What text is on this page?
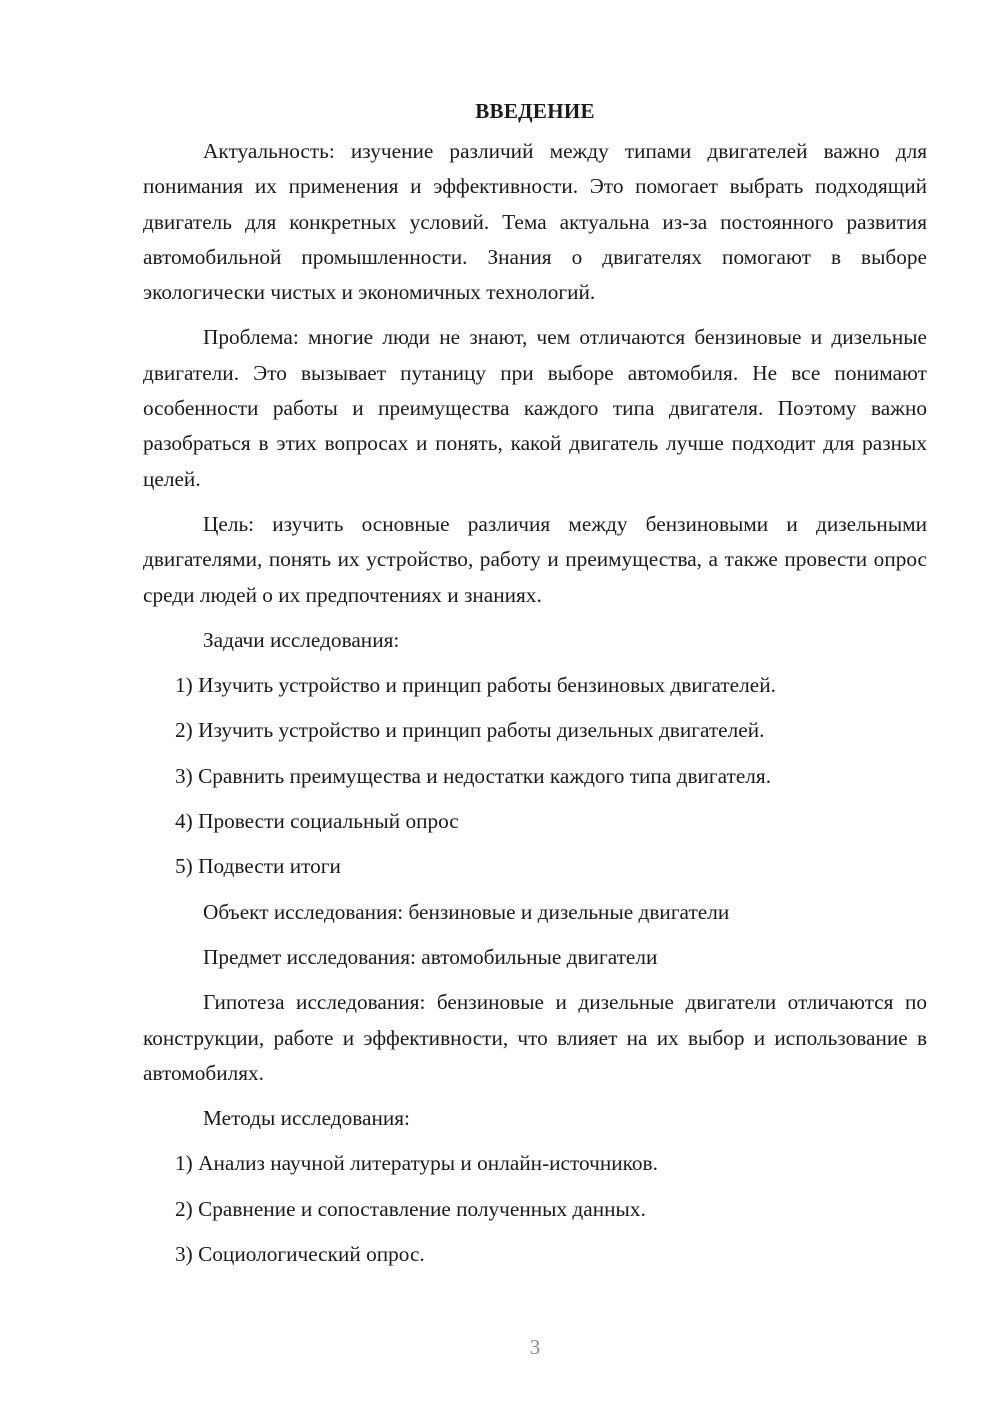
ВВЕДЕНИЕ

Актуальность: изучение различий между типами двигателей важно для понимания их применения и эффективности. Это помогает выбрать подходящий двигатель для конкретных условий. Тема актуальна из-за постоянного развития автомобильной промышленности. Знания о двигателях помогают в выборе экологически чистых и экономичных технологий.

Проблема: многие люди не знают, чем отличаются бензиновые и дизельные двигатели. Это вызывает путаницу при выборе автомобиля. Не все понимают особенности работы и преимущества каждого типа двигателя. Поэтому важно разобраться в этих вопросах и понять, какой двигатель лучше подходит для разных целей.

Цель: изучить основные различия между бензиновыми и дизельными двигателями, понять их устройство, работу и преимущества, а также провести опрос среди людей о их предпочтениях и знаниях.

Задачи исследования:
1) Изучить устройство и принцип работы бензиновых двигателей.
2) Изучить устройство и принцип работы дизельных двигателей.
3) Сравнить преимущества и недостатки каждого типа двигателя.
4) Провести социальный опрос
5) Подвести итоги
Объект исследования: бензиновые и дизельные двигатели
Предмет исследования: автомобильные двигатели

Гипотеза исследования: бензиновые и дизельные двигатели отличаются по конструкции, работе и эффективности, что влияет на их выбор и использование в автомобилях.

Методы исследования:
1) Анализ научной литературы и онлайн-источников.
2) Сравнение и сопоставление полученных данных.
3) Социологический опрос.
3
